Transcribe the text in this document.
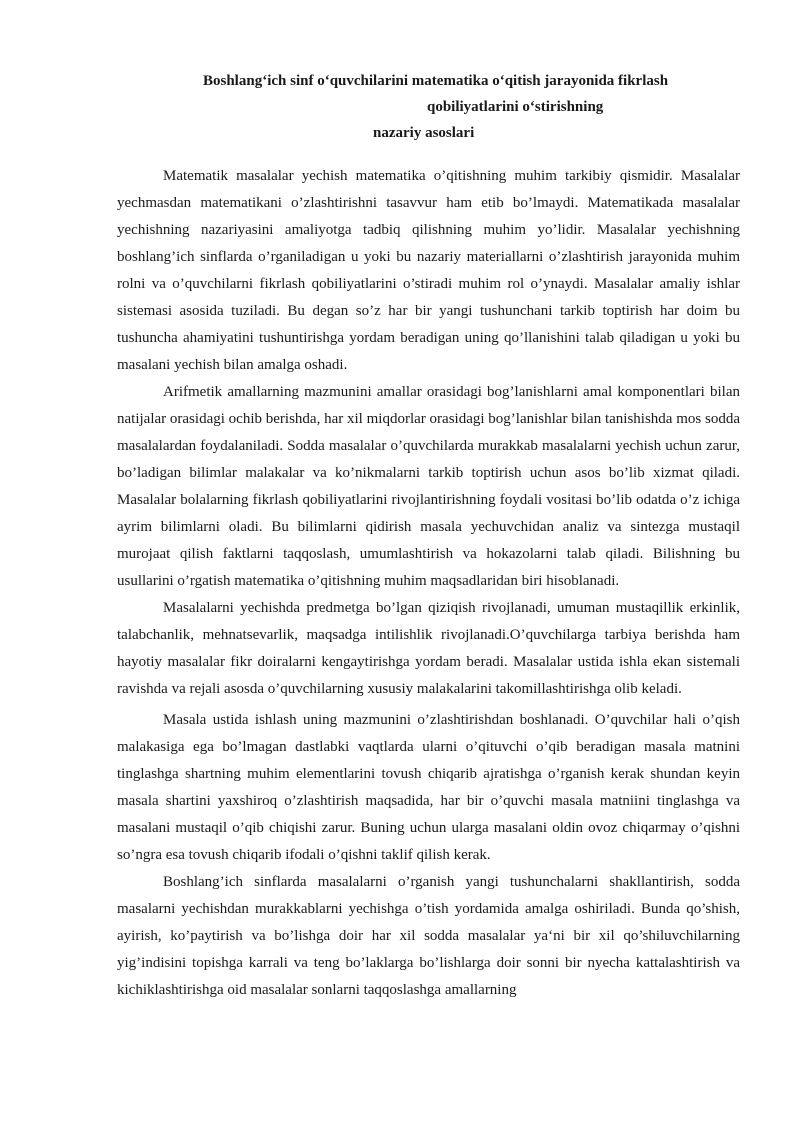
Boshlang‘ich sinf o‘quvchilarini matematika o‘qitish jarayonida fikrlash
qobiliyatlarini o‘stirishning
nazariy asoslari

Matematik masalalar yechish matematika o’qitishning muhim tarkibiy qismidir. Masalalar yechmasdan matematikani o’zlashtirishni tasavvur ham etib bo’lmaydi. Matematikada masalalar yechishning nazariyasini amaliyotga tadbiq qilishning muhim yo’lidir. Masalalar yechishning boshlang’ich sinflarda o’rganiladigan u yoki bu nazariy materiallarni o’zlashtirish jarayonida muhim rolni va o’quvchilarni fikrlash qobiliyatlarini o’stiradi muhim rol o’ynaydi. Masalalar amaliy ishlar sistemasi asosida tuziladi. Bu degan so’z har bir yangi tushunchani tarkib toptirish har doim bu tushuncha ahamiyatini tushuntirishga yordam beradigan uning qo’llanishini talab qiladigan u yoki bu masalani yechish bilan amalga oshadi.

Arifmetik amallarning mazmunini amallar orasidagi bog’lanishlarni amal komponentlari bilan natijalar orasidagi ochib berishda, har xil miqdorlar orasidagi bog’lanishlar bilan tanishishda mos sodda masalalardan foydalaniladi. Sodda masalalar o’quvchilarda murakkab masalalarni yechish uchun zarur, bo’ladigan bilimlar malakalar va ko’nikmalarni tarkib toptirish uchun asos bo’lib xizmat qiladi. Masalalar bolalarning fikrlash qobiliyatlarini rivojlantirishning foydali vositasi bo’lib odatda o’z ichiga ayrim bilimlarni oladi. Bu bilimlarni qidirish masala yechuvchidan analiz va sintezga mustaqil murojaat qilish faktlarni taqqoslash, umumlashtirish va hokazolarni talab qiladi. Bilishning bu usullarini o’rgatish matematika o’qitishning muhim maqsadlaridan biri hisoblanadi.

Masalalarni yechishda predmetga bo’lgan qiziqish rivojlanadi, umuman mustaqillik erkinlik, talabchanlik, mehnatsevarlik, maqsadga intilishlik rivojlanadi.O’quvchilarga tarbiya berishda ham hayotiy masalalar fikr doiralarni kengaytirishga yordam beradi. Masalalar ustida ishla ekan sistemali ravishda va rejali asosda o’quvchilarning xususiy malakalarini takomillashtirishga olib keladi.

Masala ustida ishlash uning mazmunini o’zlashtirishdan boshlanadi. O’quvchilar hali o’qish malakasiga ega bo’lmagan dastlabki vaqtlarda ularni o’qituvchi o’qib beradigan masala matnini tinglashga shartning muhim elementlarini tovush chiqarib ajratishga o’rganish kerak shundan keyin masala shartini yaxshiroq o’zlashtirish maqsadida, har bir o’quvchi masala matniini tinglashga va masalani mustaqil o’qib chiqishi zarur. Buning uchun ularga masalani oldin ovoz chiqarmay o’qishni so’ngra esa tovush chiqarib ifodali o’qishni taklif qilish kerak.

Boshlang’ich sinflarda masalalarni o’rganish yangi tushunchalarni shakllantirish, sodda masalarni yechishdan murakkablarni yechishga o’tish yordamida amalga oshiriladi. Bunda qo’shish, ayirish, ko’paytirish va bo’lishga doir har xil sodda masalalar ya‘ni bir xil qo’shiluvchilarning yig’indisini topishga karrali va teng bo’laklarga bo’lishlarga doir sonni bir nyecha kattalashtirish va kichiklashtirishga oid masalalar sonlarni taqqoslashga amallarning
